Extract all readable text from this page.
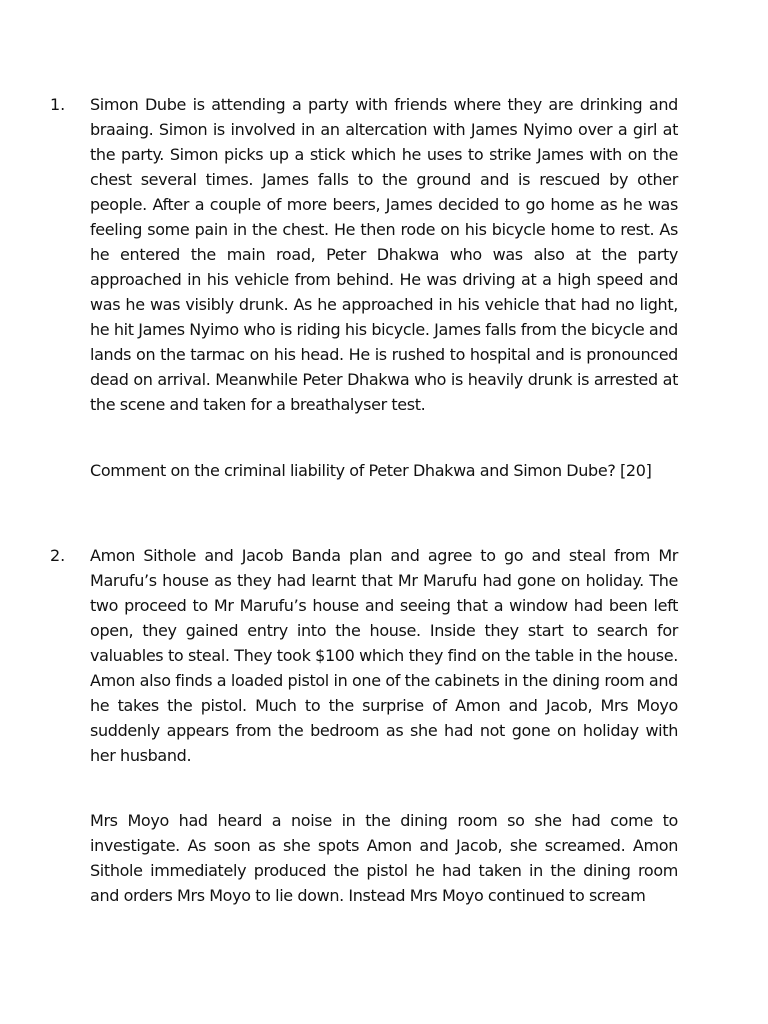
1. Simon Dube is attending a party with friends where they are drinking and braaing. Simon is involved in an altercation with James Nyimo over a girl at the party. Simon picks up a stick which he uses to strike James with on the chest several times. James falls to the ground and is rescued by other people. After a couple of more beers, James decided to go home as he was feeling some pain in the chest. He then rode on his bicycle home to rest. As he entered the main road, Peter Dhakwa who was also at the party approached in his vehicle from behind. He was driving at a high speed and was he was visibly drunk. As he approached in his vehicle that had no light, he hit James Nyimo who is riding his bicycle. James falls from the bicycle and lands on the tarmac on his head. He is rushed to hospital and is pronounced dead on arrival. Meanwhile Peter Dhakwa who is heavily drunk is arrested at the scene and taken for a breathalyser test.

Comment on the criminal liability of Peter Dhakwa and Simon Dube? [20]

2. Amon Sithole and Jacob Banda plan and agree to go and steal from Mr Marufu’s house as they had learnt that Mr Marufu had gone on holiday. The two proceed to Mr Marufu’s house and seeing that a window had been left open, they gained entry into the house. Inside they start to search for valuables to steal. They took $100 which they find on the table in the house. Amon also finds a loaded pistol in one of the cabinets in the dining room and he takes the pistol. Much to the surprise of Amon and Jacob, Mrs Moyo suddenly appears from the bedroom as she had not gone on holiday with her husband.

Mrs Moyo had heard a noise in the dining room so she had come to investigate. As soon as she spots Amon and Jacob, she screamed. Amon Sithole immediately produced the pistol he had taken in the dining room and orders Mrs Moyo to lie down. Instead Mrs Moyo continued to scream
